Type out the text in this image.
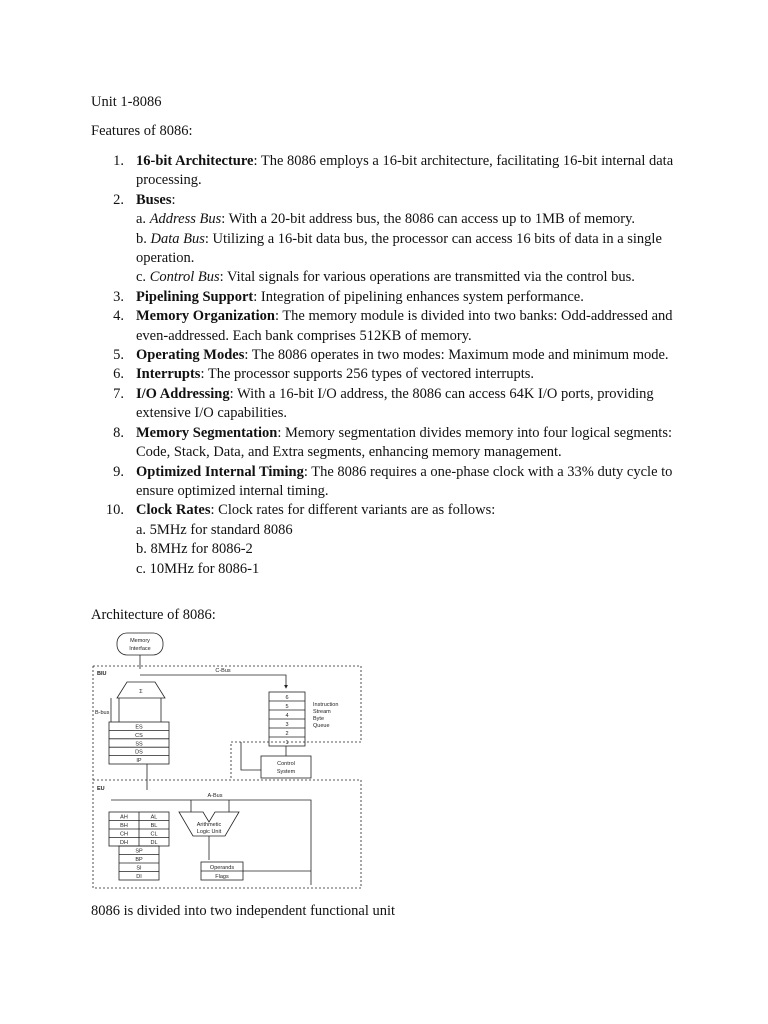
Unit 1-8086
Features of 8086:
1. 16-bit Architecture: The 8086 employs a 16-bit architecture, facilitating 16-bit internal data processing.
2. Buses:
a. Address Bus: With a 20-bit address bus, the 8086 can access up to 1MB of memory.
b. Data Bus: Utilizing a 16-bit data bus, the processor can access 16 bits of data in a single operation.
c. Control Bus: Vital signals for various operations are transmitted via the control bus.
3. Pipelining Support: Integration of pipelining enhances system performance.
4. Memory Organization: The memory module is divided into two banks: Odd-addressed and even-addressed. Each bank comprises 512KB of memory.
5. Operating Modes: The 8086 operates in two modes: Maximum mode and minimum mode.
6. Interrupts: The processor supports 256 types of vectored interrupts.
7. I/O Addressing: With a 16-bit I/O address, the 8086 can access 64K I/O ports, providing extensive I/O capabilities.
8. Memory Segmentation: Memory segmentation divides memory into four logical segments: Code, Stack, Data, and Extra segments, enhancing memory management.
9. Optimized Internal Timing: The 8086 requires a one-phase clock with a 33% duty cycle to ensure optimized internal timing.
10. Clock Rates: Clock rates for different variants are as follows:
a. 5MHz for standard 8086
b. 8MHz for 8086-2
c. 10MHz for 8086-1
Architecture of 8086:
Memory
Interface
BIU	C-Bus
Σ
B-bus
ES
CS
SS
DS
IP
6
5
4
3
2
1
Instruction
Stream
Byte
Queue
Control
System
EU
A-Bus
AH	AL
BH	BL
CH	CL
DH	DL
SP
BP
SI
DI
Arithmetic
Logic Unit
Operands
Flags
8086 is divided into two independent functional unit
